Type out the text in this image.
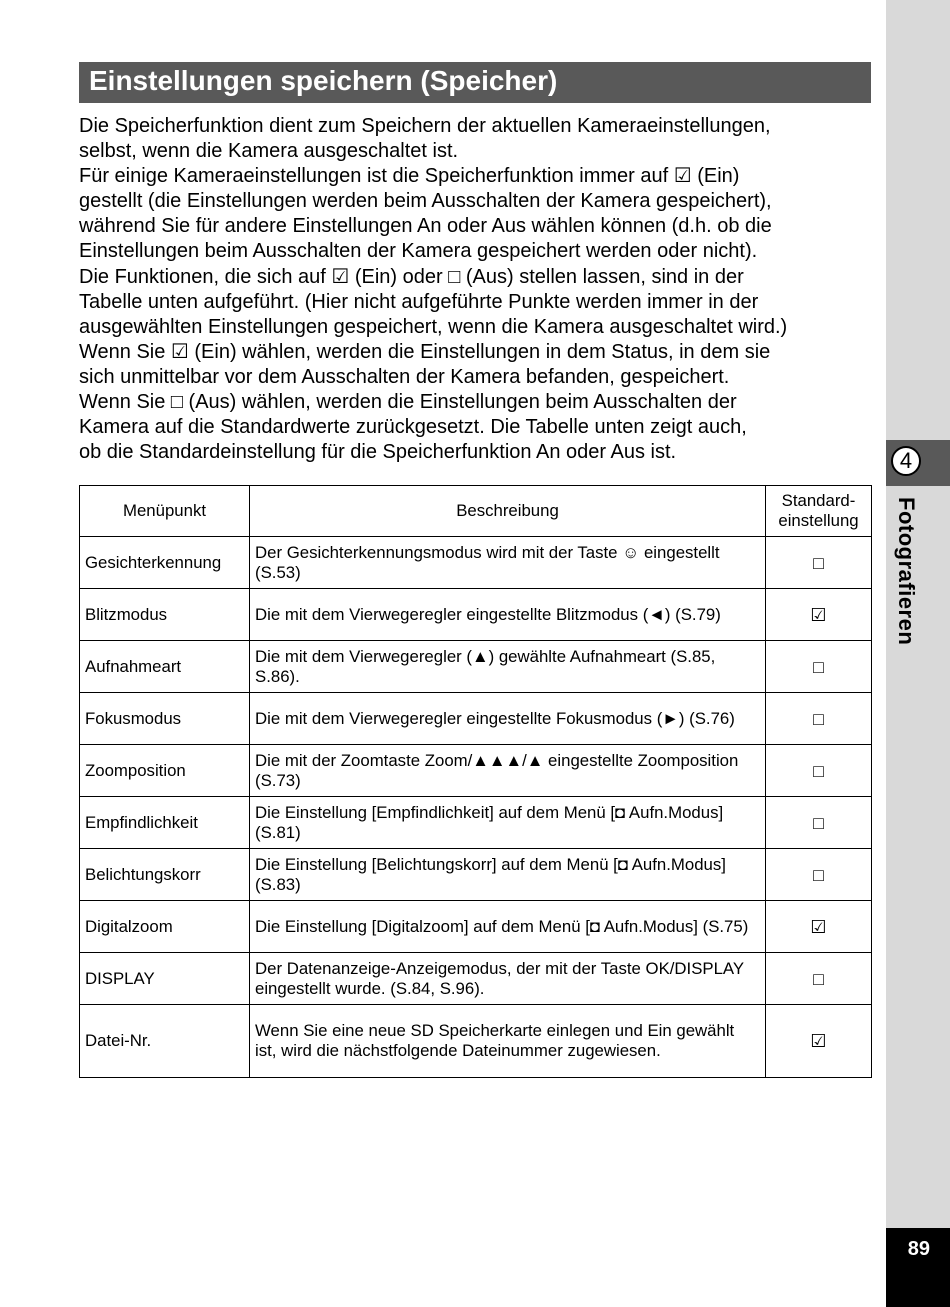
4
Fotografieren
89
Einstellungen speichern (Speicher)

Die Speicherfunktion dient zum Speichern der aktuellen Kameraeinstellungen,

selbst, wenn die Kamera ausgeschaltet ist.

Für einige Kameraeinstellungen ist die Speicherfunktion immer auf ☑ (Ein)

gestellt (die Einstellungen werden beim Ausschalten der Kamera gespeichert),

während Sie für andere Einstellungen An oder Aus wählen können (d.h. ob die

Einstellungen beim Ausschalten der Kamera gespeichert werden oder nicht).

Die Funktionen, die sich auf ☑ (Ein) oder □ (Aus) stellen lassen, sind in der

Tabelle unten aufgeführt. (Hier nicht aufgeführte Punkte werden immer in der

ausgewählten Einstellungen gespeichert, wenn die Kamera ausgeschaltet wird.)

Wenn Sie ☑ (Ein) wählen, werden die Einstellungen in dem Status, in dem sie

sich unmittelbar vor dem Ausschalten der Kamera befanden, gespeichert.

Wenn Sie □ (Aus) wählen, werden die Einstellungen beim Ausschalten der

Kamera auf die Standardwerte zurückgesetzt. Die Tabelle unten zeigt auch,

ob die Standardeinstellung für die Speicherfunktion An oder Aus ist.

Menüpunkt	Beschreibung	Standard-einstellung
Gesichterkennung	Der Gesichterkennungsmodus wird mit der Taste ☺ eingestellt (S.53)	□
Blitzmodus	Die mit dem Vierwegeregler eingestellte Blitzmodus (◄) (S.79)	☑
Aufnahmeart	Die mit dem Vierwegeregler (▲) gewählte Aufnahmeart (S.85, S.86).	□
Fokusmodus	Die mit dem Vierwegeregler eingestellte Fokusmodus (►) (S.76)	□
Zoomposition	Die mit der Zoomtaste Zoom/▲▲▲/▲ eingestellte Zoomposition (S.73)	□
Empfindlichkeit	Die Einstellung [Empfindlichkeit] auf dem Menü [◘ Aufn.Modus] (S.81)	□
Belichtungskorr	Die Einstellung [Belichtungskorr] auf dem Menü [◘ Aufn.Modus] (S.83)	□
Digitalzoom	Die Einstellung [Digitalzoom] auf dem Menü [◘ Aufn.Modus] (S.75)	☑
DISPLAY	Der Datenanzeige-Anzeigemodus, der mit der Taste OK/DISPLAY eingestellt wurde. (S.84, S.96).	□
Datei-Nr.	Wenn Sie eine neue SD Speicherkarte einlegen und Ein gewählt ist, wird die nächstfolgende Dateinummer zugewiesen.	☑
